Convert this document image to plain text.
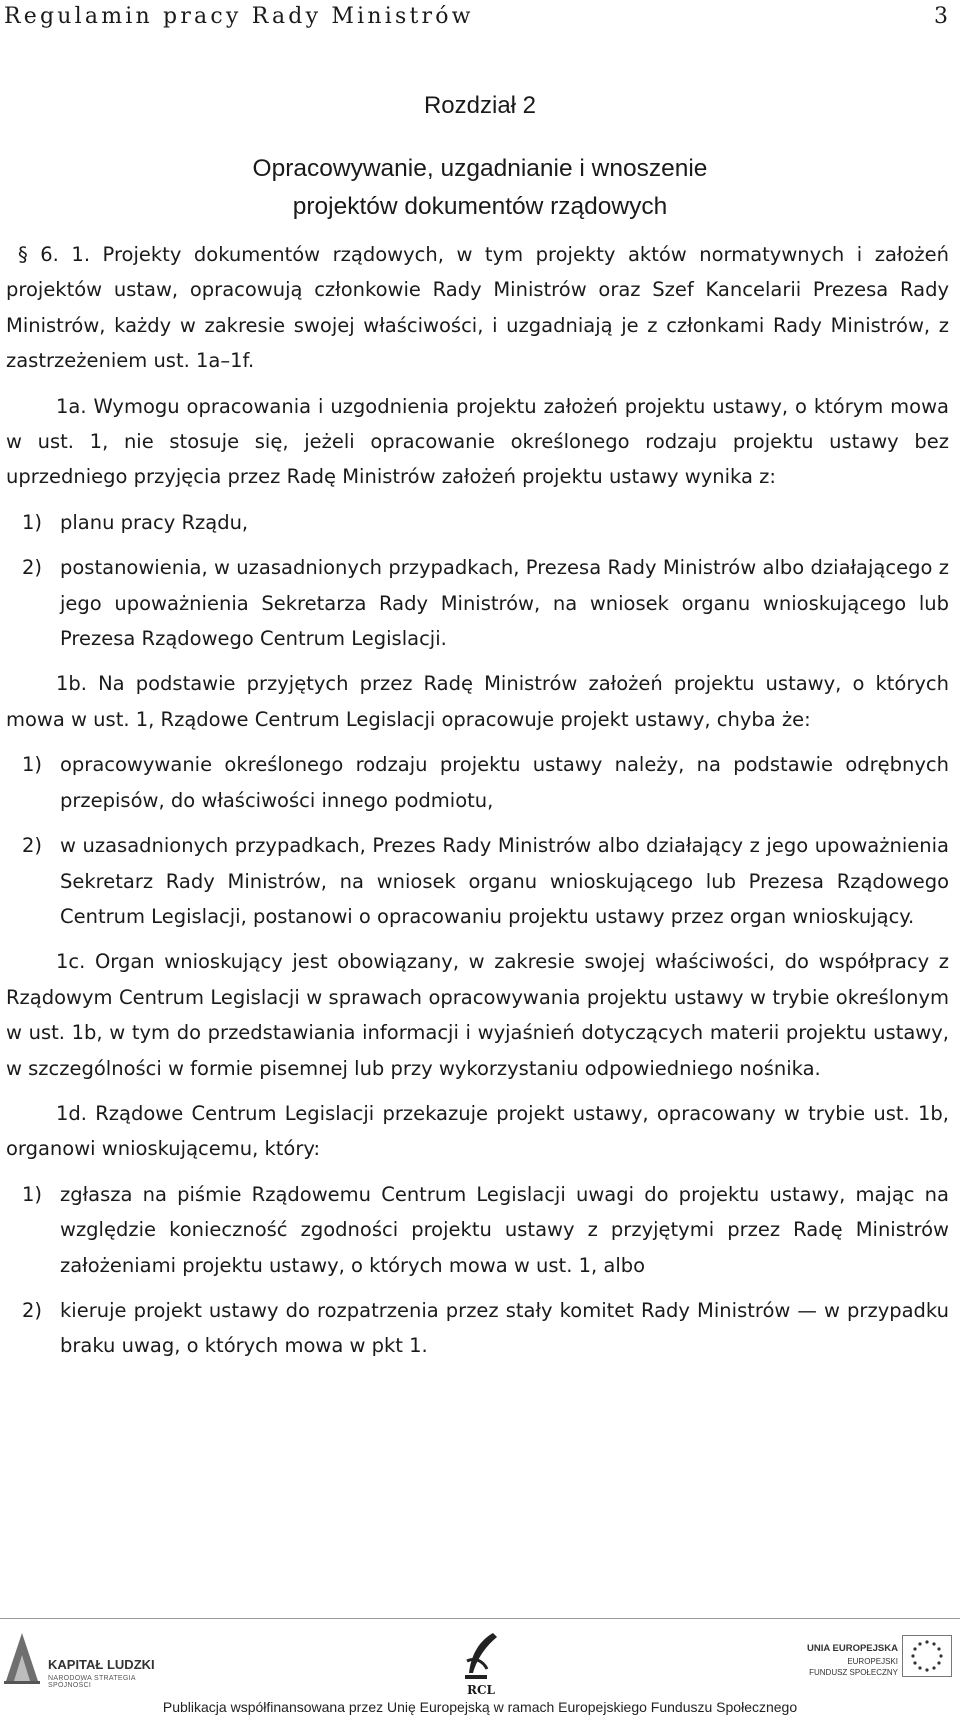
Regulamin pracy Rady Ministrów	3
Rozdział 2
Opracowywanie, uzgadnianie i wnoszenie
projektów dokumentów rządowych

§ 6. 1. Projekty dokumentów rządowych, w tym projekty aktów normatywnych i założeń projektów ustaw, opracowują członkowie Rady Ministrów oraz Szef Kancelarii Prezesa Rady Ministrów, każdy w zakresie swojej właściwości, i uzgadniają je z członkami Rady Ministrów, z zastrzeżeniem ust. 1a–1f.

1a. Wymogu opracowania i uzgodnienia projektu założeń projektu ustawy, o którym mowa w ust. 1, nie stosuje się, jeżeli opracowanie określonego rodzaju projektu ustawy bez uprzedniego przyjęcia przez Radę Ministrów założeń projektu ustawy wynika z:

1) planu pracy Rządu,
2) postanowienia, w uzasadnionych przypadkach, Prezesa Rady Ministrów albo działającego z jego upoważnienia Sekretarza Rady Ministrów, na wniosek organu wnioskującego lub Prezesa Rządowego Centrum Legislacji.

1b. Na podstawie przyjętych przez Radę Ministrów założeń projektu ustawy, o których mowa w ust. 1, Rządowe Centrum Legislacji opracowuje projekt ustawy, chyba że:

1) opracowywanie określonego rodzaju projektu ustawy należy, na podstawie odrębnych przepisów, do właściwości innego podmiotu,
2) w uzasadnionych przypadkach, Prezes Rady Ministrów albo działający z jego upoważnienia Sekretarz Rady Ministrów, na wniosek organu wnioskującego lub Prezesa Rządowego Centrum Legislacji, postanowi o opracowaniu projektu ustawy przez organ wnioskujący.

1c. Organ wnioskujący jest obowiązany, w zakresie swojej właściwości, do współpracy z Rządowym Centrum Legislacji w sprawach opracowywania projektu ustawy w trybie określonym w ust. 1b, w tym do przedstawiania informacji i wyjaśnień dotyczących materii projektu ustawy, w szczególności w formie pisemnej lub przy wykorzystaniu odpowiedniego nośnika.

1d. Rządowe Centrum Legislacji przekazuje projekt ustawy, opracowany w trybie ust. 1b, organowi wnioskującemu, który:

1) zgłasza na piśmie Rządowemu Centrum Legislacji uwagi do projektu ustawy, mając na względzie konieczność zgodności projektu ustawy z przyjętymi przez Radę Ministrów założeniami projektu ustawy, o których mowa w ust. 1, albo
2) kieruje projekt ustawy do rozpatrzenia przez stały komitet Rady Ministrów — w przypadku braku uwag, o których mowa w pkt 1.
KAPITAŁ LUDZKI
NARODOWA STRATEGIA SPÓJNOŚCI	RCL
UNIA EUROPEJSKA
EUROPEJSKI
FUNDUSZ SPOŁECZNY
Publikacja współfinansowana przez Unię Europejską w ramach Europejskiego Funduszu Społecznego
